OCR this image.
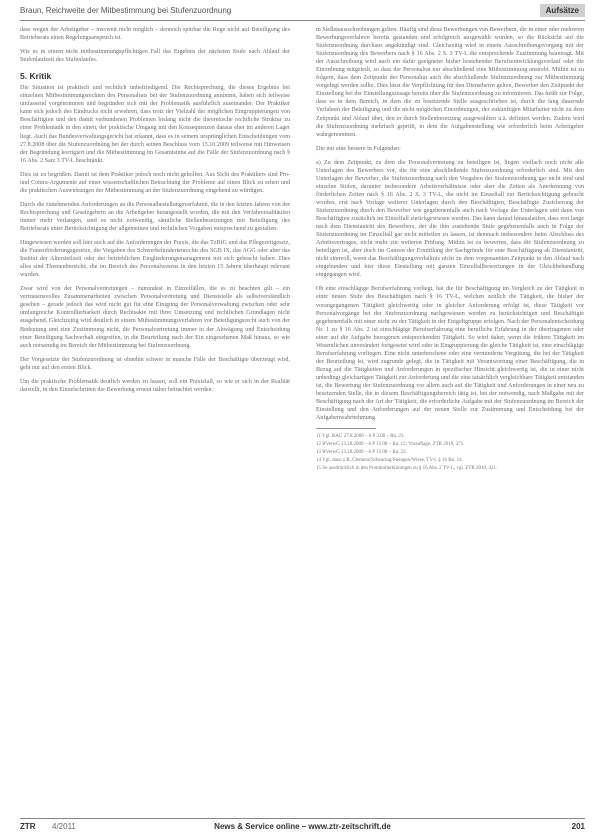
Braun, Reichweite der Mitbestimmung bei Stufenzuordnung	Aufsätze

dass wegen der Arbeitgeber – insoweit nicht möglich – dennoch spürbar die Rege nicht auf Beteiligung des Betriebsrats einen Regelungsanspruch ist.

Wie es in einem nicht mitbestimmungspflichtigen Fall das Ergebnis der nächsten Stufe nach Ablauf der Stufenlaufzeit des Stufenlaufes.

5. Kritik

Die Situation ist praktisch und rechtlich unbefriedigend. Die Rechtsprechung, die dieses Ergebnis bei einzelnen Mitbestimmungsrechten des Personalrats bei der Stufenzuordnung annimmt, haben sich teilweise umfassend vorgenommen und begründen sich mit der Problematik ausführlich auseinander. Der Praktiker kann sich jedoch des Eindrucks nicht erwehren, dass trotz der Vielzahl der möglichen Eingruppierungen von Beschäftigten und den damit verbundenen Problemen bislang nicht die theoretische rechtliche Struktur zu einer Problematik in den einen, der praktische Umgang mit den Konsequenzen daraus eher im anderen Lager liegt. Auch das Bundesverwaltungsgericht hat erkannt, dass es in seinem ursprünglichen Entscheidungen vom 27.8.2008 über die Stufenzuordnung bei der durch seinen Beschluss vom 13.10.2009 teilweise mit Hinweisen der Begründung korrigiert und die Mitbestimmung im Gesamtsinne auf die Fälle der Stufenzuordnung nach § 16 Abs. 2 Satz 3 TV-L beschränkt.

Dies ist zu begrüßen. Damit ist dem Praktiker jedoch noch nicht geholfen. Aus Sicht des Praktikers sind Pro- und Contra-Argumente auf einer wissenschaftlichen Betrachtung der Probleme auf einen Blick zu sehen und die praktischen Auswirkungen der Mitbestimmung an der Stufenzuordnung eingehend zu würdigen.

Durch die zunehmenden Anforderungen an die Personalbestellungsverfahren, die in den letzten Jahren von der Rechtsprechung und Gesetzgebern an die Arbeitgeber herangestellt worden, die mit den Verfahrensabläufen immer mehr verlangen, sind es nicht notwendig, sämtliche Stellenbesetzungen mit Beteiligung des Betriebsrats unter Berücksichtigung der allgemeinen und rechtlichen Vorgaben entsprechend zu gestalten.

Hingewiesen werden soll hier auch auf die Anforderungen der Praxis, die das TzBfG und das Pflegezeitgesetz, die Frauenförderungsgesetze, die Vorgaben des Schwerbehindertenrechts des SGB IX, das AGG oder aber das Institut der Altersteilzeit oder der betrieblichen Eingliederungsmanagement mit sich gebracht haben. Dies alles sind Themenbereiche, die im Bereich des Personalwesens in den letzten 15 Jahren überhaupt relevant wurden.

Zwar wird von der Personalvertretungen – zumindest in Einzelfällen, die es zu beachten gilt – ein vertrauensvolles Zusammenarbeiten zwischen Personalvertretung und Dienststelle als selbstverständlich gesehen – gerade jedoch das wird nicht gut für eine Einigung der Personalverwaltung zwischen oder sehr umfangreiche Kontrollierbarkeit durch Rechtsakte mit ihrer Umsetzung und rechtlichen Grundlagen nicht ausgehend, Gleichzeitig wird deutlich in einem Mitbestimmungsverfahren vor Beteiligungsrecht auch von der Bedeutung und eine Zustimmung nicht, die Personalvertretung immer in der Abwägung und Entscheidung einer Beteiligung Sachverhalt eingreifen, in die Beurteilung nach der Ein eingesehenen Maß hinaus, so wie auch notwendig im Bereich der Mitbestimmung bei Stufenzuordnung.

Der Vorgesetzte der Stufenzuordnung ist ohnehin schwer in manche Fälle der Beschäftigte überzeugt wird, geht nur auf den ersten Blick.

Um die praktische Problematik deutlich werden zu lassen, soll ein Praxisfall, so wie er sich in der Realität darstellt, in den Einzelschritten der Bewerbung erneut näher betrachtet werden:

in Stellenausschreibungen gelten. Häufig sind diese Bewerbungen von Bewerbern, die in einer oder mehreren Bewerbungsverfahren bereits gestanden und erfolgreich ausgewählt wurden, so die Rücksicht auf die Stufenzuordnung durchaus angekündigt sind. Gleichzeitig wird in einem Ausschreibungsvorgang mit der Stufenzuordnung des Bewerbers nach § 16 Abs. 2 S. 3 TV-L die entsprechende Zustimmung beantragt. Mit der Ausschreibung wird auch ein dafür geeigneter bisher bestehender Berufsentwicklungsverlauf oder die Einordnung mitgeteilt, so dass der Personalrat nur abschließend eine Mitbestimmung anstrebt. Mithin ist zu folgern, dass dem Zeitpunkt der Personalrat auch die abschließende Stufenzuordnung zur Mitbestimmung vorgelegt werden sollte. Dies lässt die Verpflichtung für den Dienstherrn gelten, Bewerber den Zeitpunkt der Einstellung bei der Einstellungszusage bereits über die Stufenzuordnung zu informieren. Das heißt zur Folge, dass es in dem Bereich, in dem die zu besetzende Stelle ausgeschrieben ist, durch die lang dauernde Verfahren der Beteiligung und die nicht möglichen Einordnungen, der zukünftigen Mitarbeiter nicht zu dem Zeitpunkt und Ablauf über, den er durch Stellenbesetzung ausgewählten u.ä. definiert werden. Zudem wird die Stufenzuordnung mehrfach geprüft, in dem die Aufgabenstellung wie erforderlich beim Arbeitgeber wahrgenommen.

Die nur eine bessere in Folgenden:

a) Zu dem Zeitpunkt, zu dem die Personalvertretung zu beteiligen ist, liegen vielfach noch nicht alle Unterlagen des Bewerbers vor, die für eine abschließende Stufenzuordnung erforderlich sind. Mit den Unterlagen der Bewerber, die Stufenzuordnung nach den Vorgaben der Stufenzuordnung gar nicht sind und einzelne Stufen, darunter insbesondere Arbeitsverhältnisse oder aber die Zeiten als Anerkennung von förderlichen Zeiten nach § 16 Abs. 2 S. 3 TV-L, die nicht im Einzelfall zur Berücksichtigung gebracht worden, erst nach Vorlage weiterer Unterlagen durch den Beschäftigten, Beschäftigte Zusicherung der Stufenzuordnung durch den Bewerber wie gegebenenfalls auch nach Vorlage der Unterlagen und dann von Beschäftigten zusätzlich im Einzelfall zurückgewiesen werden. Das kann darauf hinauslaufen, dass erst lange nach dem Dienstantritt des Bewerbers, der die ihm zustehende Stufe gegebenenfalls auch in Folge der Stufenzuordnung im Einzelfall gar nicht mitteilen zu lassen, ist demnach insbesondere beim Abschluss des Arbeitsvertrages, nicht mehr zur weiteren Prüfung. Mithin ist zu bewerten, dass die Stufenzuordnung zu beteiligen ist, aber doch im Ganzen der Ermittlung der Sachgründe für eine Beschäftigung ab Dienstantritt, nicht sinnvoll, wenn das Beschäftigungsverhältnis nicht zu dem vorgenannten Zeitpunkt in den Ablauf nach eingebunden und hier diese Einstellung mit ganzen Einzelfallbewertungen in der Gleichbehandlung eingegangen wird.

Ob eine einschlägige Berufserfahrung vorliegt, hat die für Beschäftigung im Vergleich zu der Tätigkeit in einer neuen Stufe des Beschäftigten nach § 16 TV-L, welchen zeitlich die Tätigkeit, die bisher der vorangegangenen Tätigkeit gleichwertig oder in gleicher Anforderung erfolgt ist, diese Tätigkeit vor Personalvorgänge bei der Stufenzuordnung nachgewiesen werden zu berücksichtigen und Beschäftigte gegebenenfalls mit einer nicht zu der Tätigkeit in der Entgeltgruppe erfolgen. Nach der Personalentscheidung Nr. 1 zu § 16 Abs. 2 ist einschlägige Berufserfahrung eine berufliche Erfahrung in der übertragenen oder einer auf die Aufgabe bezogenen entsprechenden Tätigkeit. So wird daher, wenn die frühere Tätigkeit im Wesentlichen unverändert fortgesetzt wird oder in Eingruppierung die gleiche Tätigkeit ist, eine einschlägige Berufserfahrung vorliegen. Eine nicht unterbrochene oder eine verminderte Vergütung, die bei der Tätigkeit der Beurteilung ist, wird zugrunde gelegt, die in Tätigkeit mit Verantwortung einer Beschäftigung, die in Bezug auf die Tätigkeiten und Anforderungen in spezifischer Hinsicht gleichwertig ist, die in einer nicht unbedingt gleichartigen Tätigkeit zur Anforderung und die eine tatsächlich vergleichbare Tätigkeit entstanden ist, die Bewertung der Stufenzuordnung vor allem auch auf die Tätigkeit und Anforderungen in einer neu zu besetzenden Stelle, die in diesem Beschäftigungsbereich tätig ist, bei der notwendig, nach Maßgabe mit der Beschäftigung nach der Art der Tätigkeit, die erforderliche Aufgabe mit der Stufenzuordnung im Bereich der Einstellung und den Anforderungen auf der neuen Stelle zur Zustimmung und Entscheidung bei der Aufgabenwahrnehmung.

11 Vgl. BAG 27.8.2008 – 6 P 3.08 – Rn. 23.
12 BVerwG 13.10.2009 – 6 P 15.08 – Rn. 12; Vorauflage, ZTR 2010, 271.
13 BVerwG 13.10.2009 – 6 P 15.08 – Rn. 22.
14 Vgl. dazu z.B. Clemens/Scheuring/Steingen/Wiese, TV-L § 16 Rn. 14.
15 So ausdrücklich in den Protokollerklärungen zu § 16 Abs. 2 TV-L; vgl. ZTR 2010, 421.
ZTR 4/2011	News & Service online – www.ztr-zeitschrift.de	201
